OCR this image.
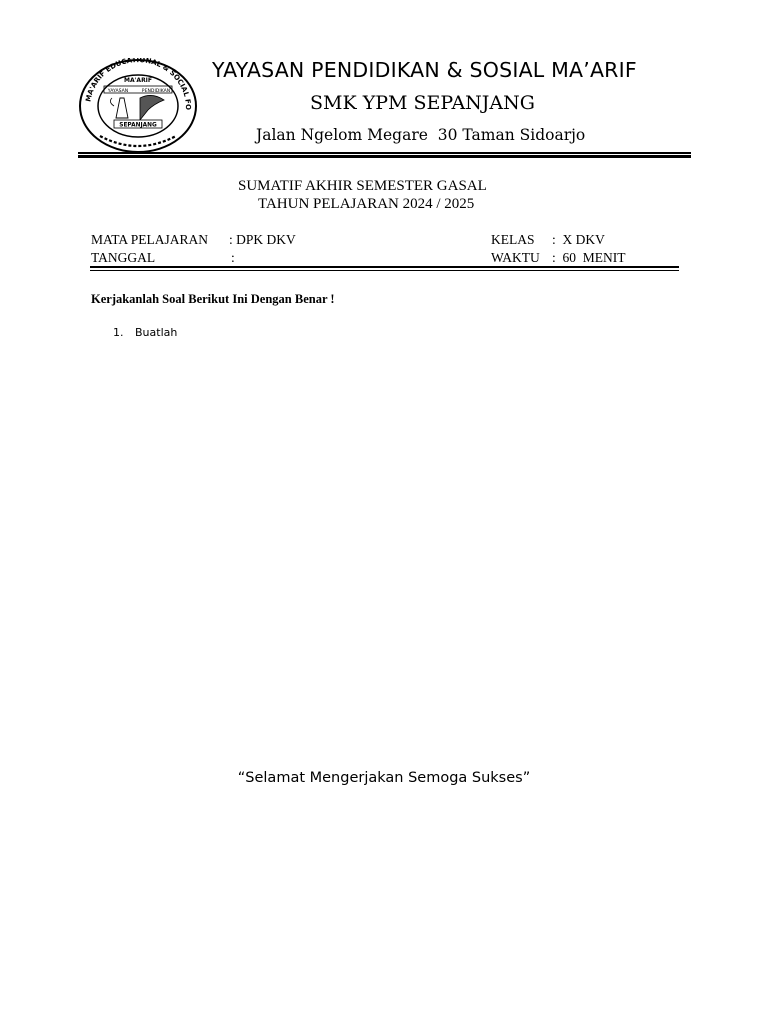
MA'ARIF EDUCATIONAL & SOCIAL FO
MA'ARIF
YAYASAN	PENDIDIKAN
SEPANJANG
YAYASAN PENDIDIKAN & SOSIAL MA’ARIF
SMK YPM SEPANJANG
Jalan Ngelom Megare  30 Taman Sidoarjo
SUMATIF AKHIR SEMESTER GASAL
TAHUN PELAJARAN 2024 / 2025
MATA PELAJARAN : DPK DKV
TANGGAL	:
KELAS :  X DKV
WAKTU :  60  MENIT
Kerjakanlah Soal Berikut Ini Dengan Benar !
1. Buatlah
“Selamat Mengerjakan Semoga Sukses”
